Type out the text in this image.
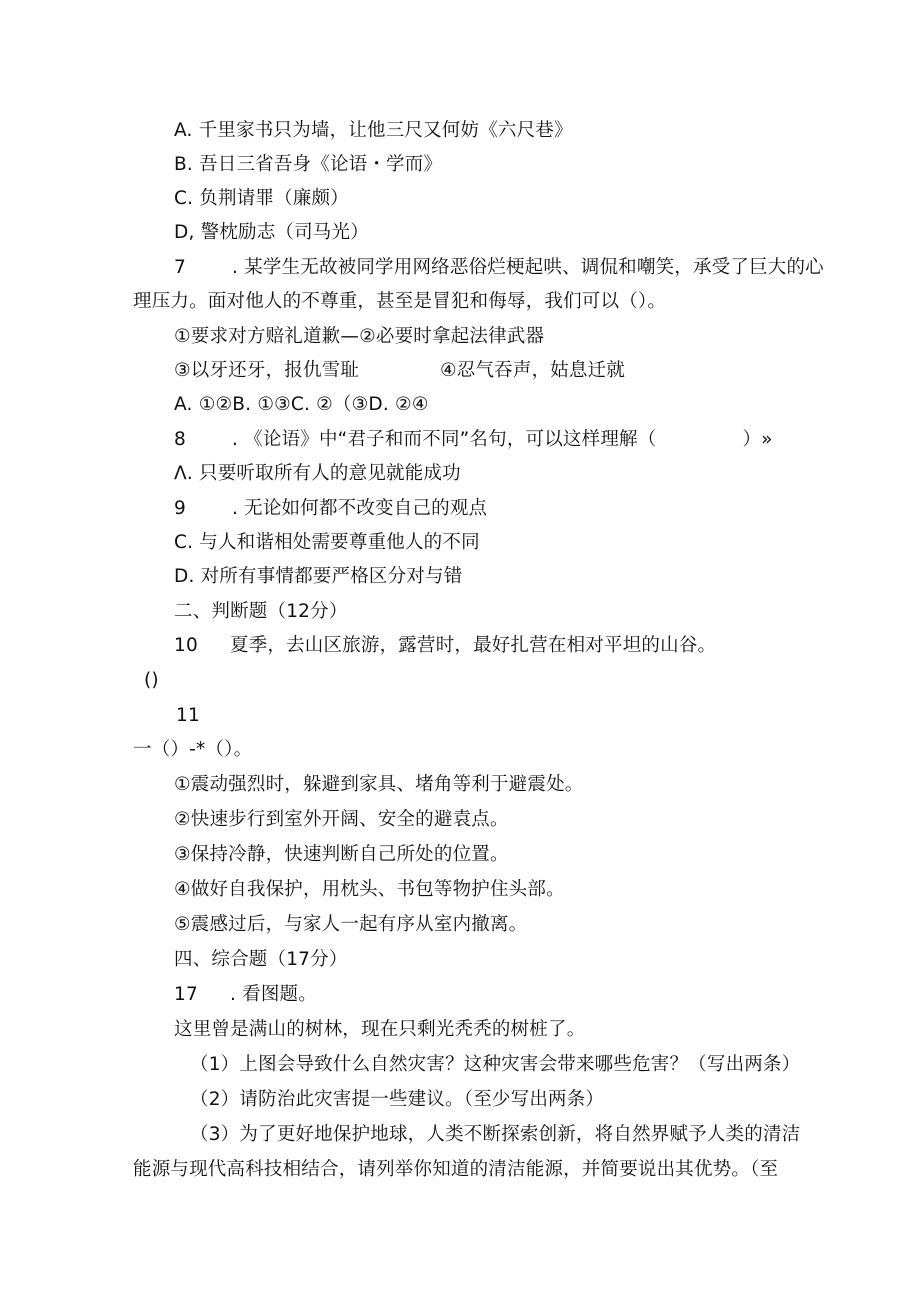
A. 千里家书只为墙，让他三尺又何妨《六尺巷》
B. 吾日三省吾身《论语・学而》
C. 负荆请罪（廉颇）
D, 警枕励志（司马光）
7 . 某学生无故被同学用网络恶俗烂梗起哄、调侃和嘲笑，承受了巨大的心
理压力。面对他人的不尊重，甚至是冒犯和侮辱，我们可以（）。
①要求对方赔礼道歉—②必要时拿起法律武器
③以牙还牙，报仇雪耻	④忍气吞声，姑息迁就
A. ①②B. ①③C. ②（③D. ②④
8 . 《论语》中“君子和而不同”名句，可以这样理解（	）»
Λ. 只要听取所有人的意见就能成功
9 . 无论如何都不改变自己的观点
C. 与人和谐相处需要尊重他人的不同
D. 对所有事情都要严格区分对与错
二、判断题（12分）
10 夏季，去山区旅游，露营时，最好扎营在相对平坦的山谷。
()
11
一（）-*（）。
①震动强烈时，躲避到家具、堵角等利于避震处。
②快速步行到室外开阔、安全的避袁点。
③保持冷静，快速判断自己所处的位置。
④做好自我保护，用枕头、书包等物护住头部。
⑤震感过后，与家人一起有序从室内撤离。
四、综合题（17分）
17 . 看图题。
这里曾是满山的树林，现在只剩光秃秃的树桩了。
（1）上图会导致什么自然灾害？这种灾害会带来哪些危害？（写出两条）
（2）请防治此灾害提一些建议。（至少写出两条）
（3）为了更好地保护地球，人类不断探索创新，将自然界赋予人类的清洁
能源与现代高科技相结合，请列举你知道的清洁能源，并简要说出其优势。（至
